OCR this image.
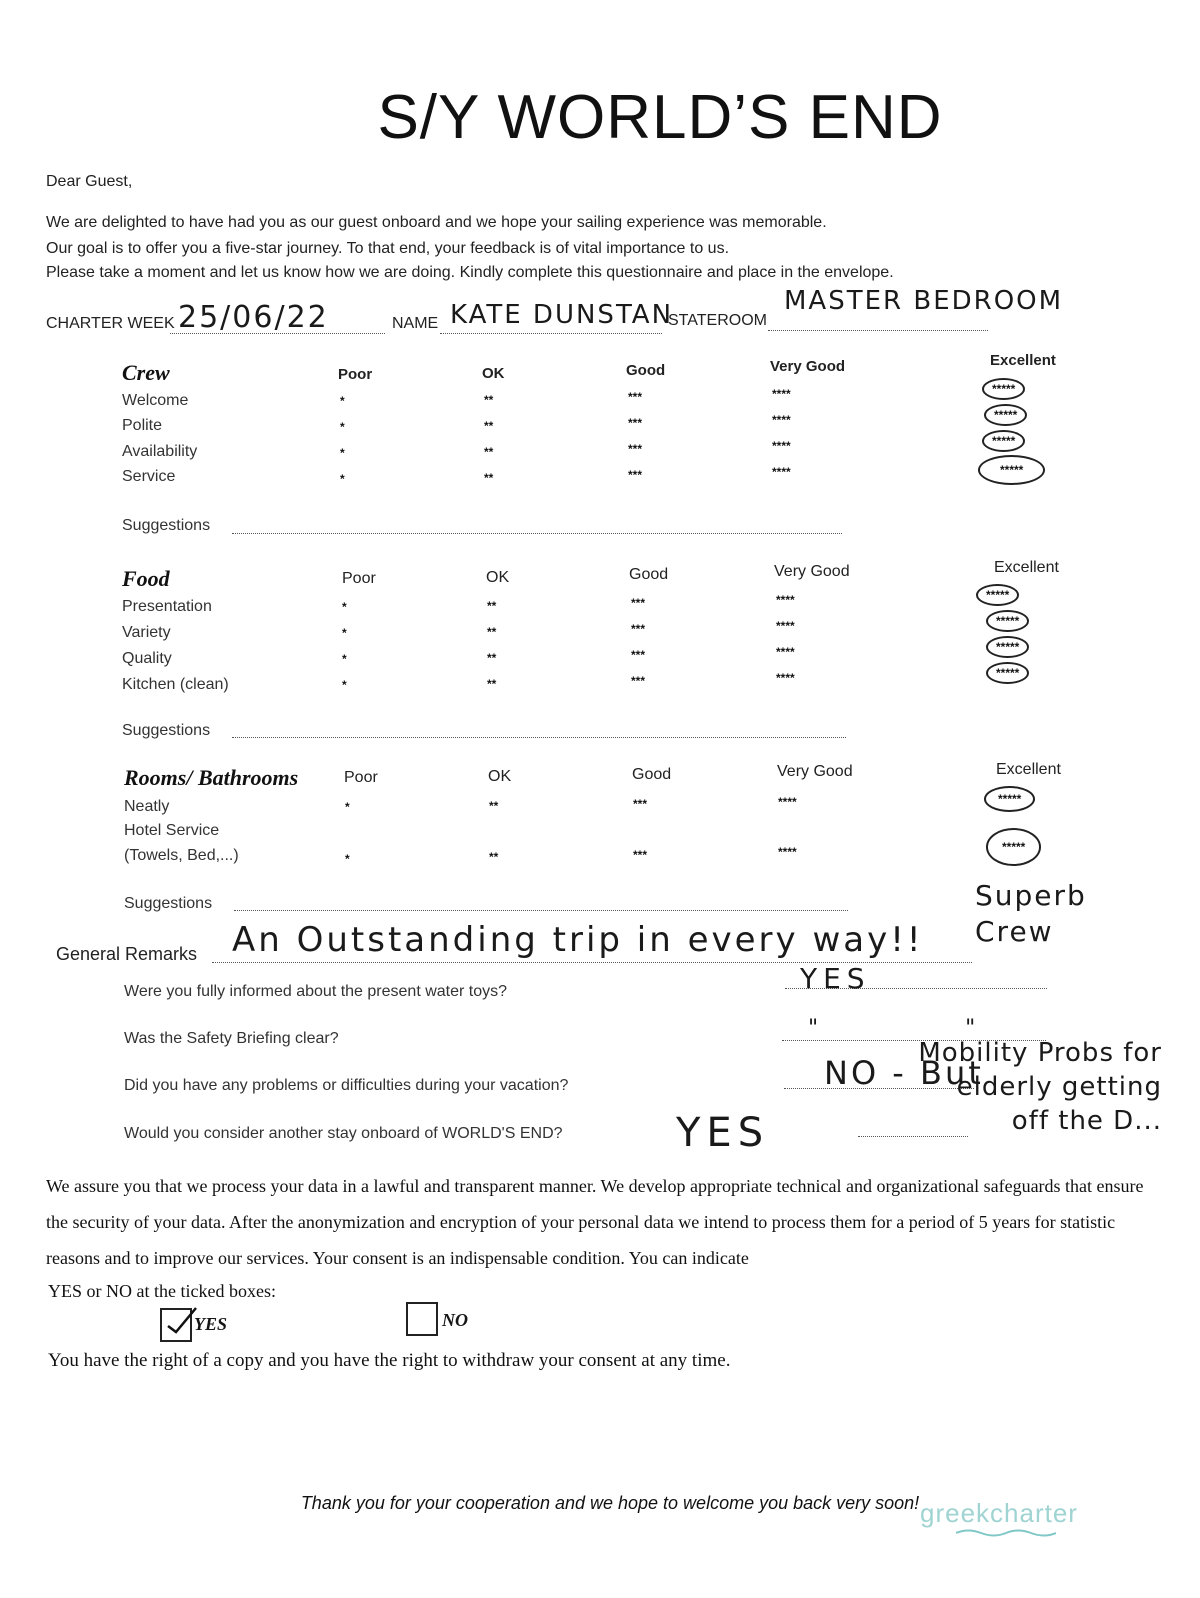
S/Y WORLD’S END
Dear Guest,
We are delighted to have had you as our guest onboard and we hope your sailing experience was memorable.
Our goal is to offer you a five-star journey. To that end, your feedback is of vital importance to us.
Please take a moment and let us know how we are doing. Kindly complete this questionnaire and place in the envelope.
CHARTER WEEK 25/06/22	NAME KATE DUNSTAN
STATEROOM
MASTER BEDROOM
Crew	Poor	OK	Good	Very Good	Excellent
Welcome	*	**	***	****	*****
Polite	*	**	***	****	*****
Availability	*	**	***	****	*****
Service	*	**	***	****	*****
Suggestions
Food	Poor	OK	Good	Very Good	Excellent
Presentation	*	**	***	****	*****
Variety	*	**	***	****	*****
Quality	*	**	***	****	*****
Kitchen (clean)	*	**	***	****	*****
Suggestions
Rooms/ Bathrooms	Poor	OK	Good	Very Good	Excellent
Neatly	*	**	***	****	*****
Hotel Service
(Towels, Bed,...)	*	**	***	****	*****
Suggestions	Superb Crew
General Remarks An Outstanding trip in every way!!
Were you fully informed about the present water toys?	YES
Was the Safety Briefing clear?	" "
Did you have any problems or difficulties during your vacation?	NO - But
Mobility Probs for elderly getting off the D...
Would you consider another stay onboard of WORLD'S END?	YES
We assure you that we process your data in a lawful and transparent manner. We develop appropriate technical and organizational safeguards that ensure the security of your data. After the anonymization and encryption of your personal data we intend to process them for a period of 5 years for statistic reasons and to improve our services. Your consent is an indispensable condition. You can indicate
YES or NO at the ticked boxes:
YES	NO
You have the right of a copy and you have the right to withdraw your consent at any time.
Thank you for your cooperation and we hope to welcome you back very soon! greekcharter
